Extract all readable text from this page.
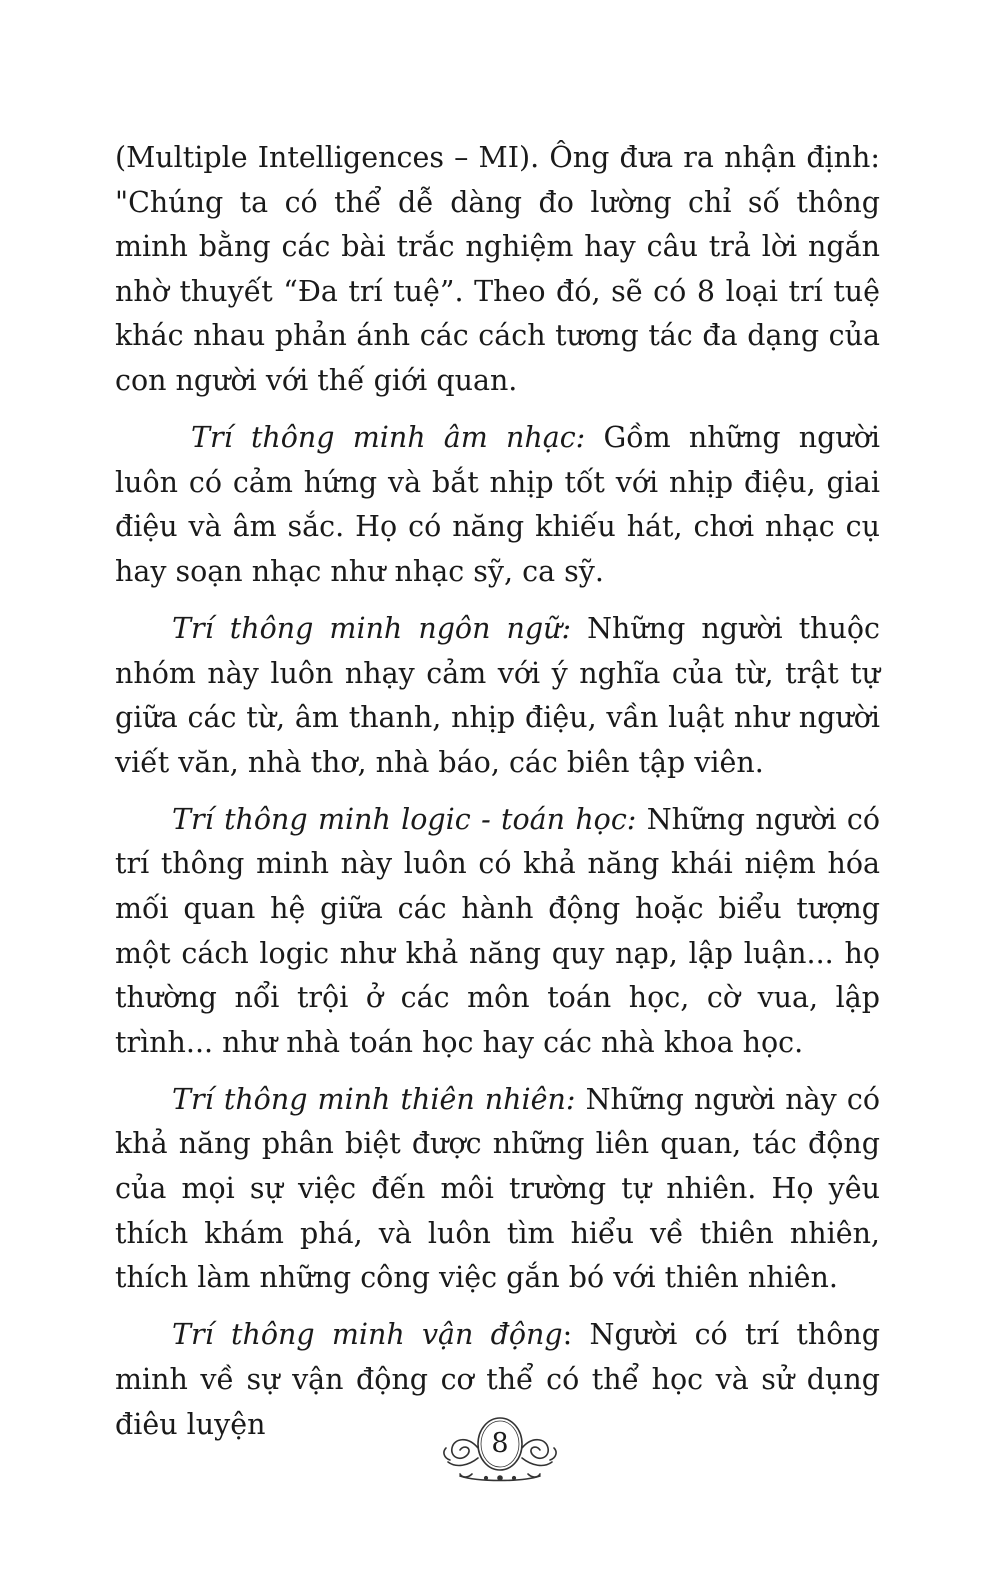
(Multiple Intelligences – MI). Ông đưa ra nhận định: "Chúng ta có thể dễ dàng đo lường chỉ số thông minh bằng các bài trắc nghiệm hay câu trả lời ngắn nhờ thuyết “Đa trí tuệ”. Theo đó, sẽ có 8 loại trí tuệ khác nhau phản ánh các cách tương tác đa dạng của con người với thế giới quan.

Trí thông minh âm nhạc: Gồm những người luôn có cảm hứng và bắt nhịp tốt với nhịp điệu, giai điệu và âm sắc. Họ có năng khiếu hát, chơi nhạc cụ hay soạn nhạc như nhạc sỹ, ca sỹ.

Trí thông minh ngôn ngữ: Những người thuộc nhóm này luôn nhạy cảm với ý nghĩa của từ, trật tự giữa các từ, âm thanh, nhịp điệu, vần luật như người viết văn, nhà thơ, nhà báo, các biên tập viên.

Trí thông minh logic - toán học: Những người có trí thông minh này luôn có khả năng khái niệm hóa mối quan hệ giữa các hành động hoặc biểu tượng một cách logic như khả năng quy nạp, lập luận... họ thường nổi trội ở các môn toán học, cờ vua, lập trình... như nhà toán học hay các nhà khoa học.

Trí thông minh thiên nhiên: Những người này có khả năng phân biệt được những liên quan, tác động của mọi sự việc đến môi trường tự nhiên. Họ yêu thích khám phá, và luôn tìm hiểu về thiên nhiên, thích làm những công việc gắn bó với thiên nhiên.

Trí thông minh vận động: Người có trí thông minh về sự vận động cơ thể có thể học và sử dụng điêu luyện

8
